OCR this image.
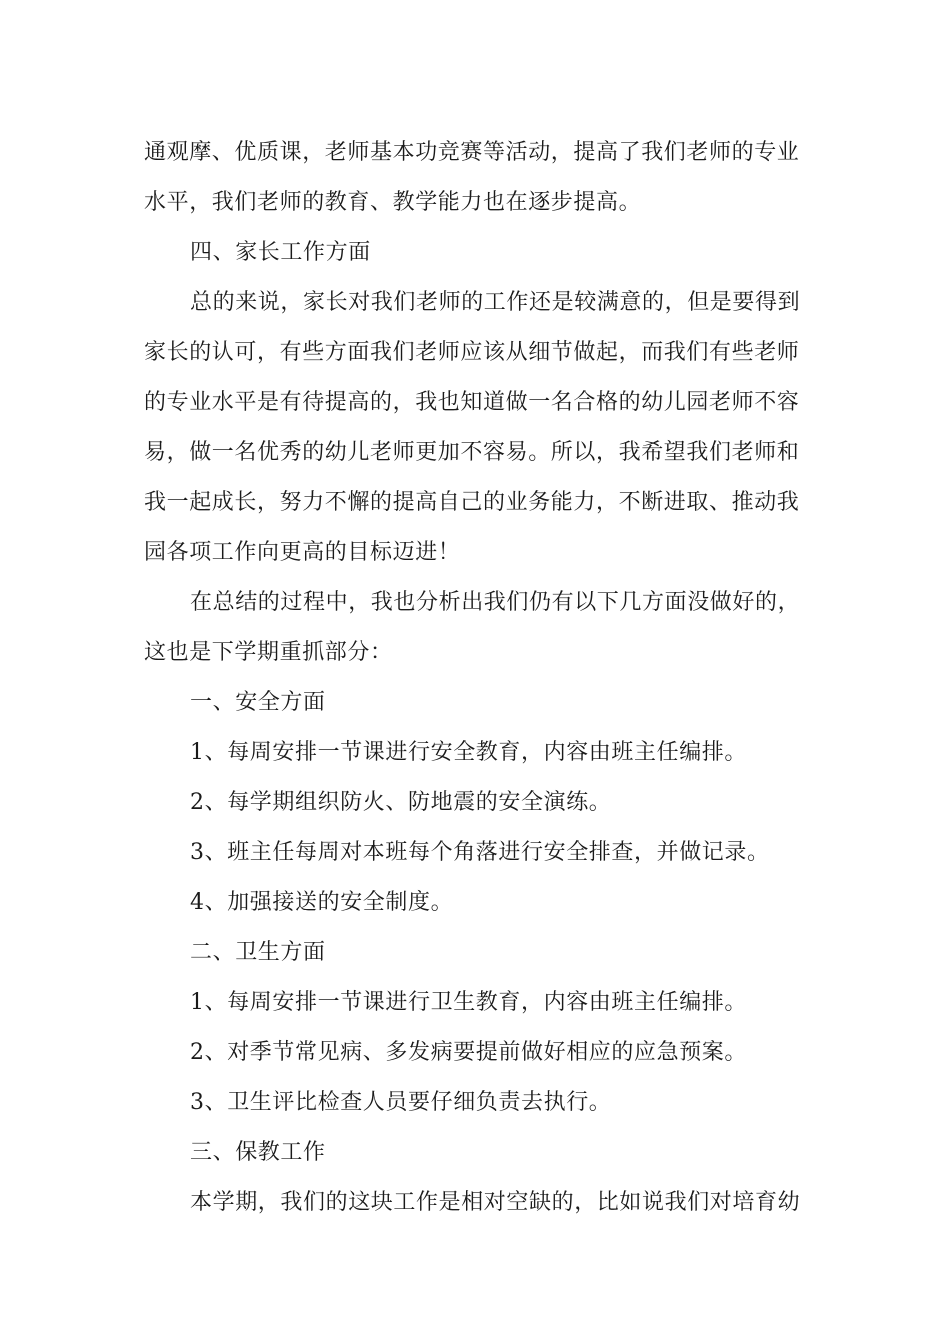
通观摩、优质课，老师基本功竞赛等活动，提高了我们老师的专业
水平，我们老师的教育、教学能力也在逐步提高。
四、家长工作方面
总的来说，家长对我们老师的工作还是较满意的，但是要得到
家长的认可，有些方面我们老师应该从细节做起，而我们有些老师
的专业水平是有待提高的，我也知道做一名合格的幼儿园老师不容
易，做一名优秀的幼儿老师更加不容易。所以，我希望我们老师和
我一起成长，努力不懈的提高自己的业务能力，不断进取、推动我
园各项工作向更高的目标迈进！
在总结的过程中，我也分析出我们仍有以下几方面没做好的，
这也是下学期重抓部分：
一、安全方面
1、每周安排一节课进行安全教育，内容由班主任编排。
2、每学期组织防火、防地震的安全演练。
3、班主任每周对本班每个角落进行安全排查，并做记录。
4、加强接送的安全制度。
二、卫生方面
1、每周安排一节课进行卫生教育，内容由班主任编排。
2、对季节常见病、多发病要提前做好相应的应急预案。
3、卫生评比检查人员要仔细负责去执行。
三、保教工作
本学期，我们的这块工作是相对空缺的，比如说我们对培育幼
